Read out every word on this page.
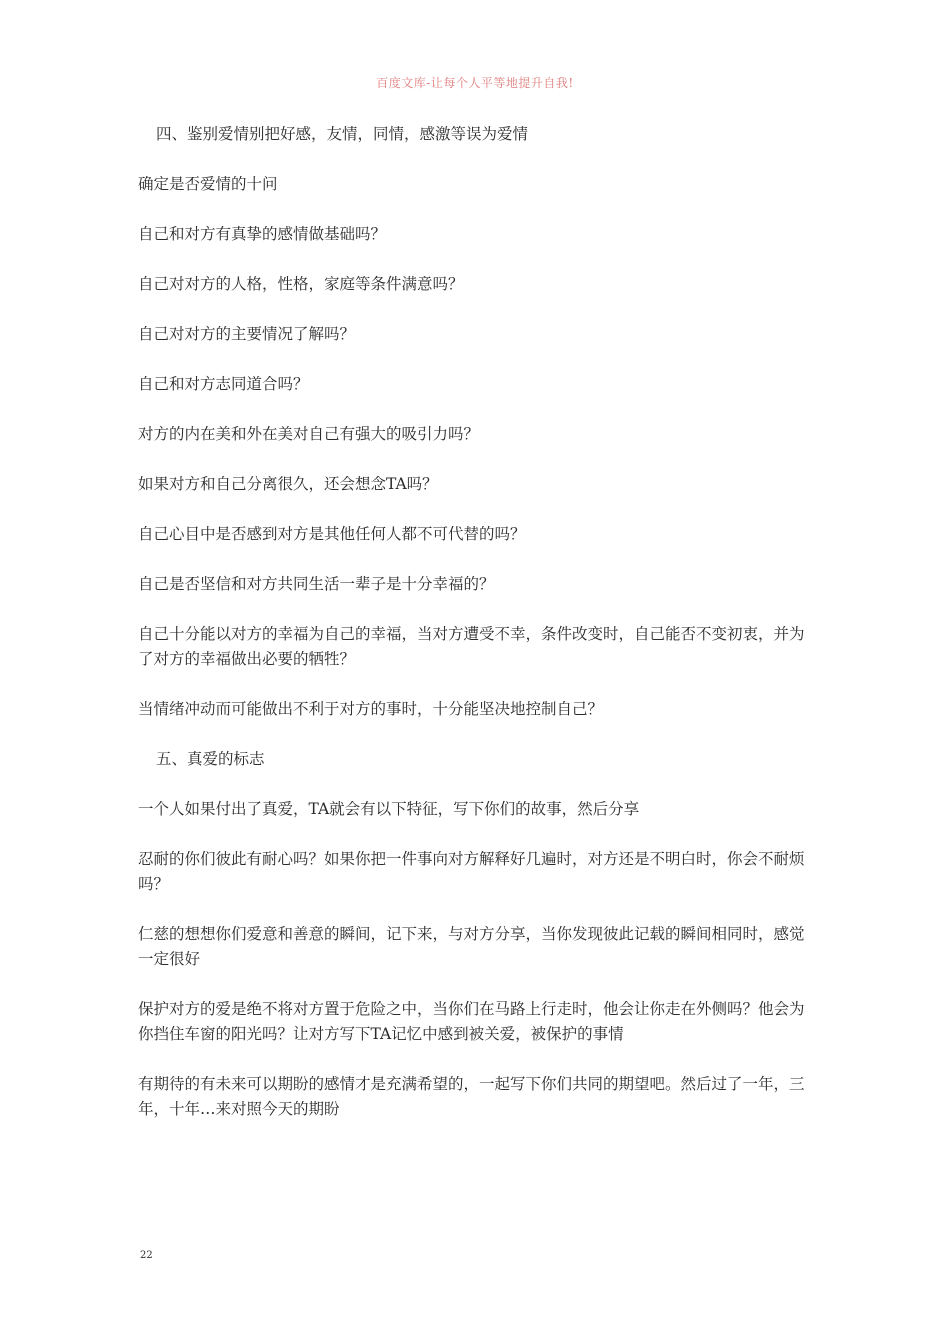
百度文库-让每个人平等地提升自我!

四、鉴别爱情别把好感，友情，同情，感激等误为爱情

确定是否爱情的十问

自己和对方有真挚的感情做基础吗？

自己对对方的人格，性格，家庭等条件满意吗？

自己对对方的主要情况了解吗？

自己和对方志同道合吗？

对方的内在美和外在美对自己有强大的吸引力吗？

如果对方和自己分离很久，还会想念TA吗？

自己心目中是否感到对方是其他任何人都不可代替的吗？

自己是否坚信和对方共同生活一辈子是十分幸福的？

自己十分能以对方的幸福为自己的幸福，当对方遭受不幸，条件改变时，自己能否不变初衷，并为了对方的幸福做出必要的牺牲？

当情绪冲动而可能做出不利于对方的事时，十分能坚决地控制自己？

五、真爱的标志

一个人如果付出了真爱，TA就会有以下特征，写下你们的故事，然后分享

忍耐的你们彼此有耐心吗？如果你把一件事向对方解释好几遍时，对方还是不明白时，你会不耐烦吗？

仁慈的想想你们爱意和善意的瞬间，记下来，与对方分享，当你发现彼此记载的瞬间相同时，感觉一定很好

保护对方的爱是绝不将对方置于危险之中，当你们在马路上行走时，他会让你走在外侧吗？他会为你挡住车窗的阳光吗？让对方写下TA记忆中感到被关爱，被保护的事情

有期待的有未来可以期盼的感情才是充满希望的，一起写下你们共同的期望吧。然后过了一年，三年，十年…来对照今天的期盼

22
